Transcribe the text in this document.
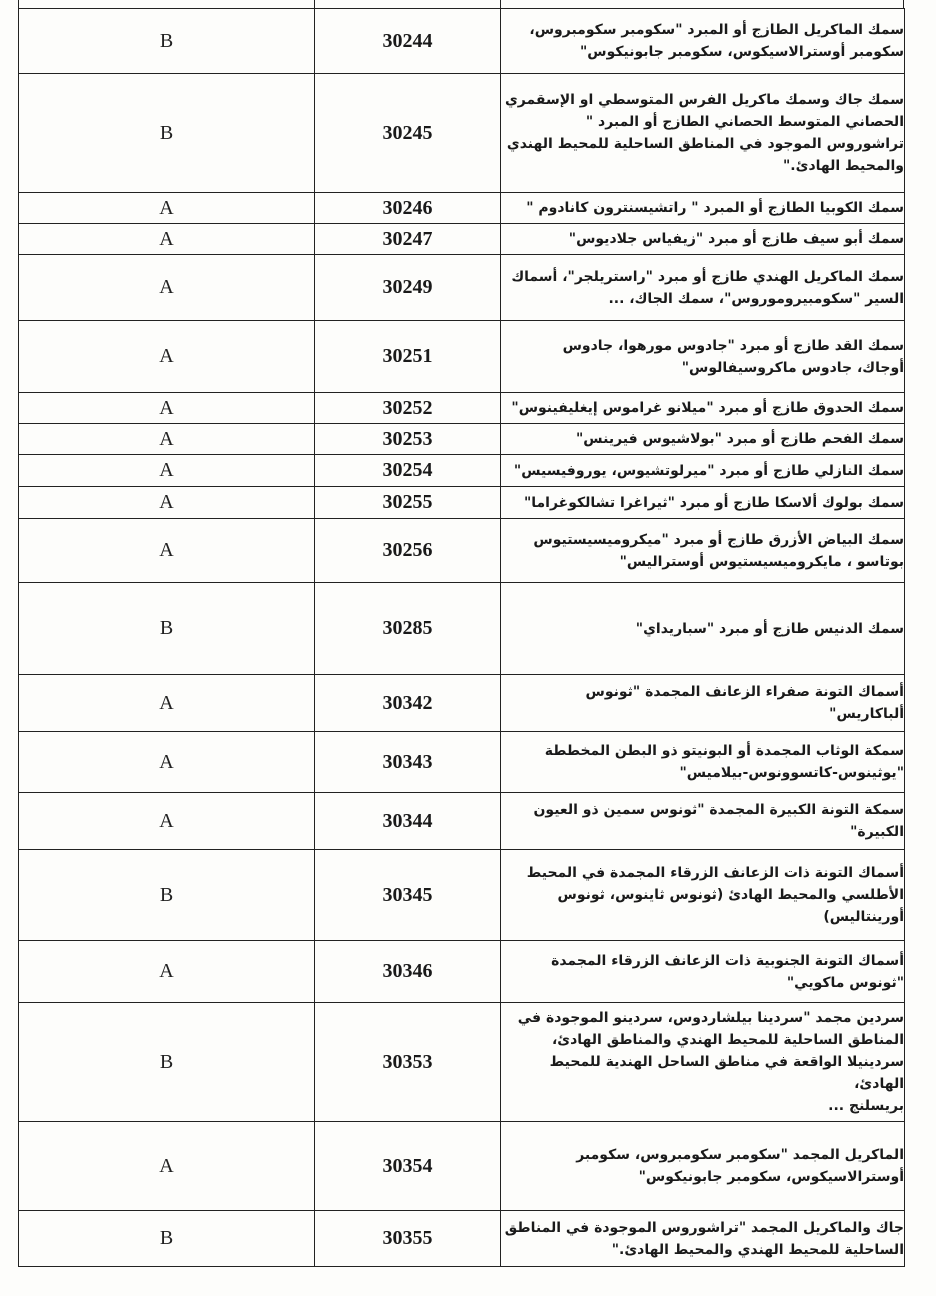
B	30244	سمك الماكريل الطازج أو المبرد "سكومبر سكومبروس،
سكومبر أوسترالاسيكوس، سكومبر جابونيكوس"
B	30245	سمك جاك وسمك ماكريل الفرس المتوسطي او الإسقمري
الحصاني المتوسط الحصاني الطازج أو المبرد "
تراشوروس الموجود في المناطق الساحلية للمحيط الهندي
والمحيط الهادئ."
A	30246	سمك الكوبيا الطازج أو المبرد " راتشيسنترون كانادوم "
A	30247	سمك أبو سيف طازج أو مبرد "زيفياس جلاديوس"
A	30249	سمك الماكريل الهندي طازج أو مبرد "راستريلجر"، أسماك
السير "سكومبيروموروس"، سمك الجاك، ...
A	30251	سمك القد طازج أو مبرد "جادوس مورهوا، جادوس
أوجاك، جادوس ماكروسيفالوس"
A	30252	سمك الحدوق طازج أو مبرد "ميلانو غراموس إيغليفينوس"
A	30253	سمك الفحم طازج أو مبرد "بولاشيوس فيرينس"
A	30254	سمك النازلي طازج أو مبرد "ميرلوتشيوس، يوروفيسيس"
A	30255	سمك بولوك ألاسكا طازج أو مبرد "ثيراغرا تشالكوغراما"
A	30256	سمك البياض الأزرق طازج أو مبرد "ميكروميسيستيوس
بوتاسو ، مايكروميسيستيوس أوستراليس"
B	30285	سمك الدنيس طازج أو مبرد "سباريداي"
A	30342	أسماك التونة صفراء الزعانف المجمدة "ثونوس
ألباكاريس"
A	30343	سمكة الوثاب المجمدة أو البونيتو ذو البطن المخططة
"يوثينوس-كاتسوونوس-بيلاميس"
A	30344	سمكة التونة الكبيرة المجمدة "ثونوس سمين ذو العيون
الكبيرة"
B	30345	أسماك التونة ذات الزعانف الزرقاء المجمدة في المحيط
الأطلسي والمحيط الهادئ (ثونوس ثاينوس، ثونوس
أورينتاليس)
A	30346	أسماك التونة الجنوبية ذات الزعانف الزرقاء المجمدة
"ثونوس ماكويي"
B	30353	سردين مجمد "سردينا بيلشاردوس، سردينو الموجودة في
المناطق الساحلية للمحيط الهندي والمناطق الهادئ،
سردينيلا الواقعة في مناطق الساحل الهندية للمحيط الهادئ،
بريسلنج ...
A	30354	الماكريل المجمد "سكومبر سكومبروس، سكومبر
أوسترالاسيكوس، سكومبر جابونيكوس"
B	30355	جاك والماكريل المجمد "تراشوروس الموجودة في المناطق
الساحلية للمحيط الهندي والمحيط الهادئ."
